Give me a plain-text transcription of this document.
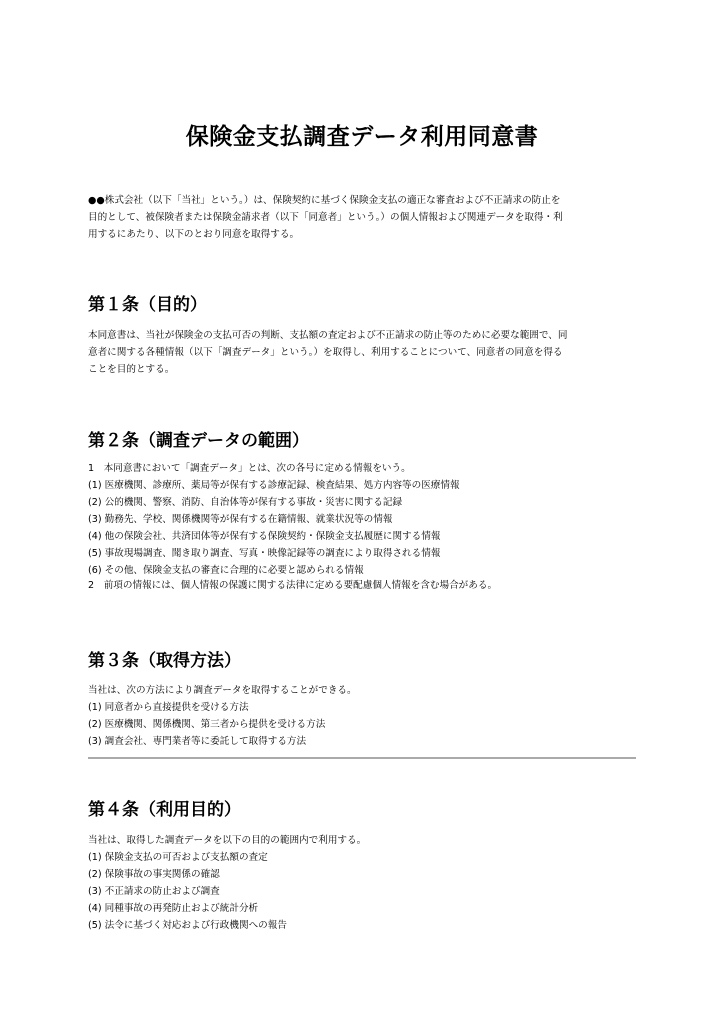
保険金支払調査データ利用同意書
●●株式会社（以下「当社」という。）は、保険契約に基づく保険金支払の適正な審査および不正請求の防止を
目的として、被保険者または保険金請求者（以下「同意者」という。）の個人情報および関連データを取得・利
用するにあたり、以下のとおり同意を取得する。
第１条（目的）
本同意書は、当社が保険金の支払可否の判断、支払額の査定および不正請求の防止等のために必要な範囲で、同
意者に関する各種情報（以下「調査データ」という。）を取得し、利用することについて、同意者の同意を得る
ことを目的とする。
第２条（調査データの範囲）
1　本同意書において「調査データ」とは、次の各号に定める情報をいう。
(1) 医療機関、診療所、薬局等が保有する診療記録、検査結果、処方内容等の医療情報
(2) 公的機関、警察、消防、自治体等が保有する事故・災害に関する記録
(3) 勤務先、学校、関係機関等が保有する在籍情報、就業状況等の情報
(4) 他の保険会社、共済団体等が保有する保険契約・保険金支払履歴に関する情報
(5) 事故現場調査、聞き取り調査、写真・映像記録等の調査により取得される情報
(6) その他、保険金支払の審査に合理的に必要と認められる情報
2　前項の情報には、個人情報の保護に関する法律に定める要配慮個人情報を含む場合がある。
第３条（取得方法）
当社は、次の方法により調査データを取得することができる。
(1) 同意者から直接提供を受ける方法
(2) 医療機関、関係機関、第三者から提供を受ける方法
(3) 調査会社、専門業者等に委託して取得する方法
第４条（利用目的）
当社は、取得した調査データを以下の目的の範囲内で利用する。
(1) 保険金支払の可否および支払額の査定
(2) 保険事故の事実関係の確認
(3) 不正請求の防止および調査
(4) 同種事故の再発防止および統計分析
(5) 法令に基づく対応および行政機関への報告
